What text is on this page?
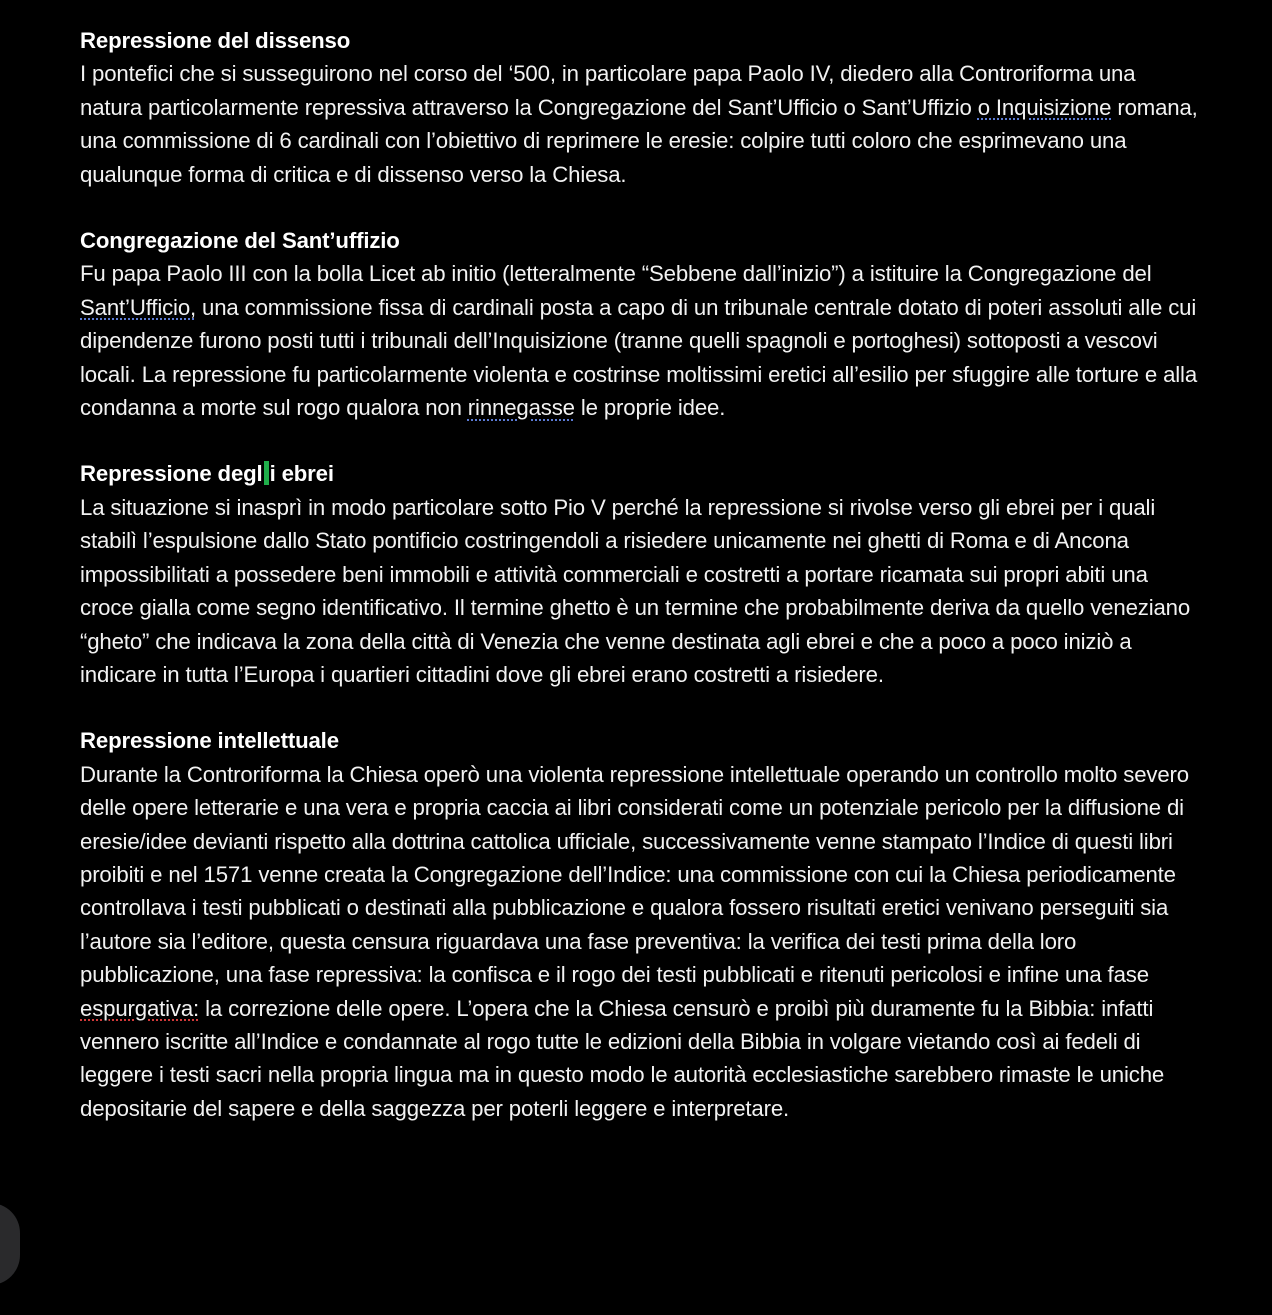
Repressione del dissenso

I pontefici che si susseguirono nel corso del ‘500, in particolare papa Paolo IV, diedero alla Controriforma una natura particolarmente repressiva attraverso la Congregazione del Sant’Ufficio o Sant’Uffizio o Inquisizione romana, una commissione di 6 cardinali con l’obiettivo di reprimere le eresie: colpire tutti coloro che esprimevano una qualunque forma di critica e di dissenso verso la Chiesa.

Congregazione del Sant’uffizio

Fu papa Paolo III con la bolla Licet ab initio (letteralmente “Sebbene dall’inizio”) a istituire la Congregazione del Sant’Ufficio, una commissione fissa di cardinali posta a capo di un tribunale centrale dotato di poteri assoluti alle cui dipendenze furono posti tutti i tribunali dell’Inquisizione (tranne quelli spagnoli e portoghesi) sottoposti a vescovi locali. La repressione fu particolarmente violenta e costrinse moltissimi eretici all’esilio per sfuggire alle torture e alla condanna a morte sul rogo qualora non rinnegasse le proprie idee.

Repressione degl i ebrei

La situazione si inasprì in modo particolare sotto Pio V perché la repressione si rivolse verso gli ebrei per i quali stabilì l’espulsione dallo Stato pontificio costringendoli a risiedere unicamente nei ghetti di Roma e di Ancona impossibilitati a possedere beni immobili e attività commerciali e costretti a portare ricamata sui propri abiti una croce gialla come segno identificativo. Il termine ghetto è un termine che probabilmente deriva da quello veneziano “gheto” che indicava la zona della città di Venezia che venne destinata agli ebrei e che a poco a poco iniziò a indicare in tutta l’Europa i quartieri cittadini dove gli ebrei erano costretti a risiedere.

Repressione intellettuale

Durante la Controriforma la Chiesa operò una violenta repressione intellettuale operando un controllo molto severo delle opere letterarie e una vera e propria caccia ai libri considerati come un potenziale pericolo per la diffusione di eresie/idee devianti rispetto alla dottrina cattolica ufficiale, successivamente venne stampato l’Indice di questi libri proibiti e nel 1571 venne creata la Congregazione dell’Indice: una commissione con cui la Chiesa periodicamente controllava i testi pubblicati o destinati alla pubblicazione e qualora fossero risultati eretici venivano perseguiti sia l’autore sia l’editore, questa censura riguardava una fase preventiva: la verifica dei testi prima della loro pubblicazione, una fase repressiva: la confisca e il rogo dei testi pubblicati e ritenuti pericolosi e infine una fase espurgativa: la correzione delle opere. L’opera che la Chiesa censurò e proibì più duramente fu la Bibbia: infatti vennero iscritte all’Indice e condannate al rogo tutte le edizioni della Bibbia in volgare vietando così ai fedeli di leggere i testi sacri nella propria lingua ma in questo modo le autorità ecclesiastiche sarebbero rimaste le uniche depositarie del sapere e della saggezza per poterli leggere e interpretare.
